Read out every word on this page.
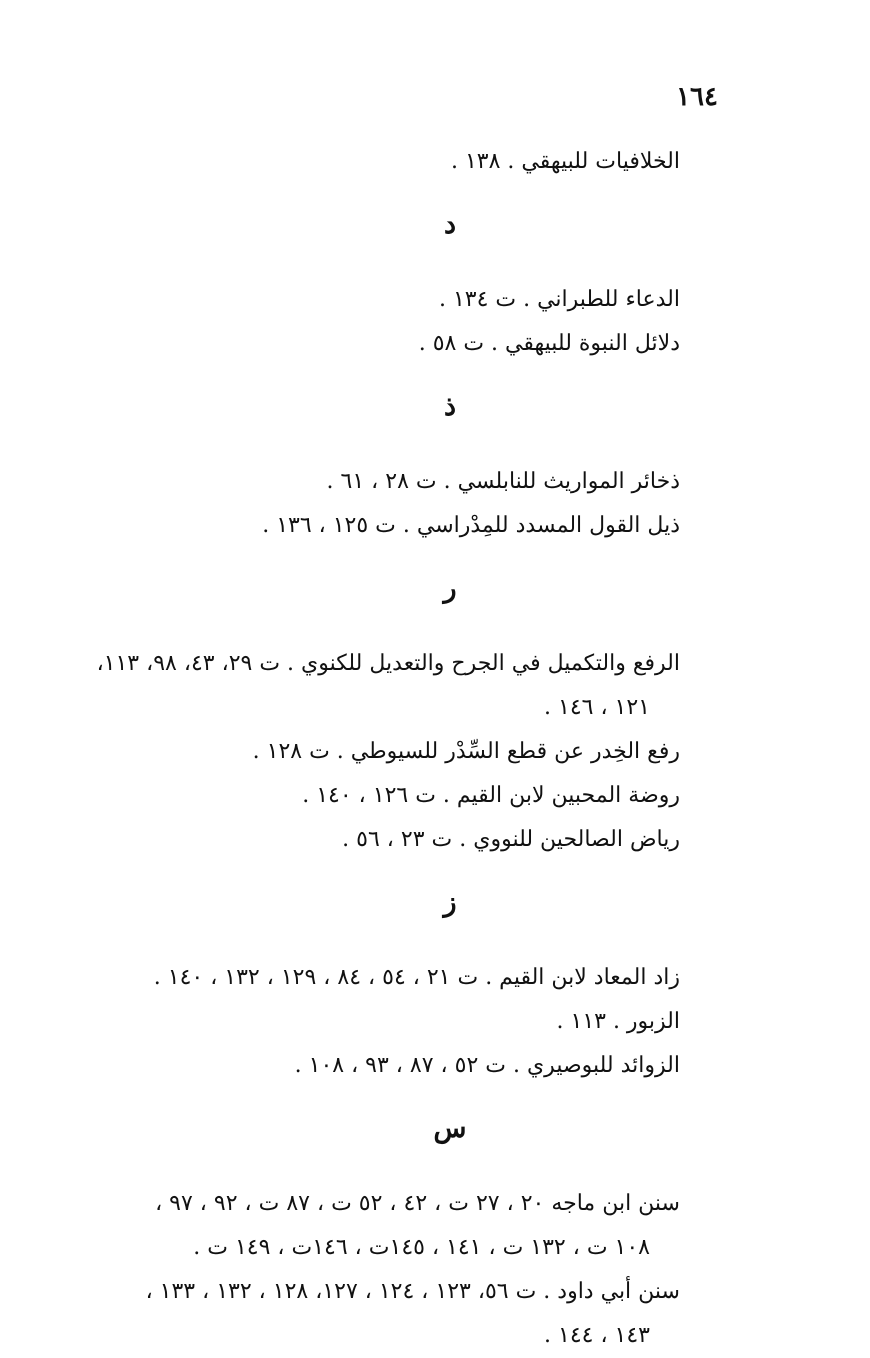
١٦٤
الخلافيات للبيهقي . ١٣٨ .
د
الدعاء للطبراني . ت ١٣٤ .
دلائل النبوة للبيهقي . ت ٥٨ .
ذ
ذخائر المواريث للنابلسي . ت ٢٨ ، ٦١ .
ذيل القول المسدد للمِدْراسي . ت ١٢٥ ، ١٣٦ .
ر
الرفع والتكميل في الجرح والتعديل للكنوي . ت ٢٩، ٤٣، ٩٨، ١١٣،
١٢١ ، ١٤٦ .
رفع الخِدر عن قطع السِّدْر للسيوطي . ت ١٢٨ .
روضة المحبين لابن القيم . ت ١٢٦ ، ١٤٠ .
رياض الصالحين للنووي . ت ٢٣ ، ٥٦ .
ز
زاد المعاد لابن القيم . ت ٢١ ، ٥٤ ، ٨٤ ، ١٢٩ ، ١٣٢ ، ١٤٠ .
الزبور . ١١٣ .
الزوائد للبوصيري . ت ٥٢ ، ٨٧ ، ٩٣ ، ١٠٨ .
س
سنن ابن ماجه ٢٠ ، ٢٧ ت ، ٤٢ ، ٥٢ ت ، ٨٧ ت ، ٩٢ ، ٩٧ ،
١٠٨ ت ، ١٣٢ ت ، ١٤١ ، ١٤٥ت ، ١٤٦ت ، ١٤٩ ت .
سنن أبي داود . ت ٥٦، ١٢٣ ، ١٢٤ ، ١٢٧، ١٢٨ ، ١٣٢ ، ١٣٣ ،
١٤٣ ، ١٤٤ .
